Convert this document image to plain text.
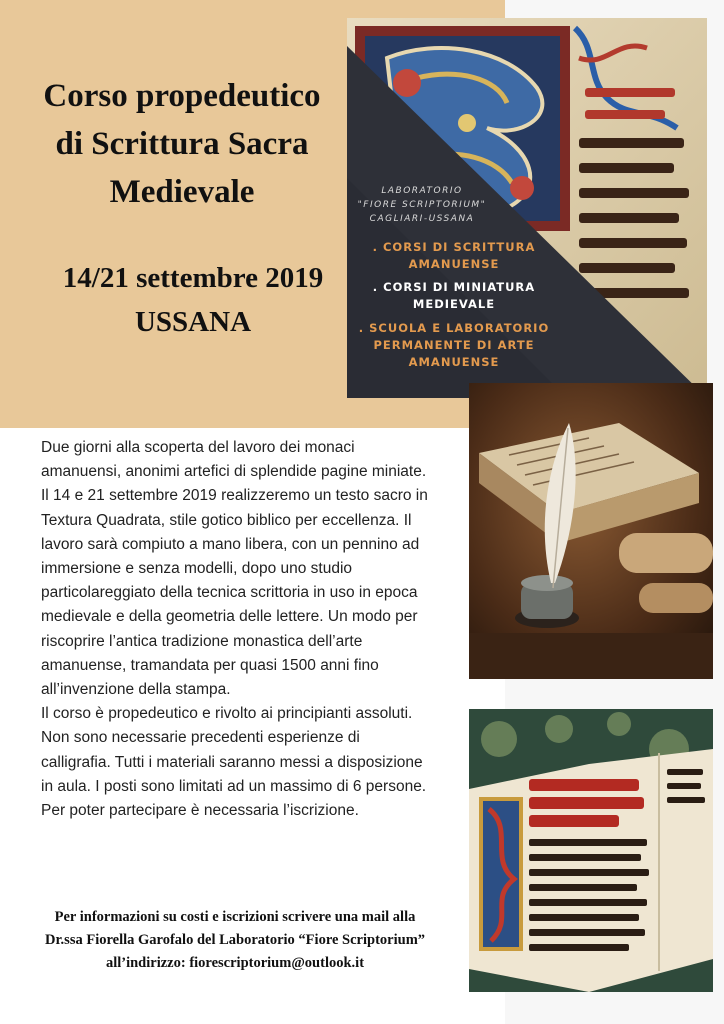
Corso propedeutico
di Scrittura Sacra
Medievale
14/21 settembre 2019
USSANA
LABORATORIO
"FIORE SCRIPTORIUM"
CAGLIARI-USSANA
. CORSI DI SCRITTURA
AMANUENSE
. CORSI DI MINIATURA
MEDIEVALE
. SCUOLA E LABORATORIO
PERMANENTE DI ARTE
AMANUENSE

Due giorni alla scoperta del lavoro dei monaci amanuensi, anonimi artefici di splendide pagine miniate. Il 14 e 21 settembre 2019 realizzeremo un testo sacro in Textura Quadrata, stile gotico biblico per eccellenza. Il lavoro sarà compiuto a mano libera, con un pennino ad immersione e senza modelli, dopo uno studio particolareggiato della tecnica scrittoria in uso in epoca medievale e della geometria delle lettere. Un modo per riscoprire l’antica tradizione monastica dell’arte amanuense, tramandata per quasi 1500 anni fino all’invenzione della stampa.

Il corso è propedeutico e rivolto ai principianti assoluti. Non sono necessarie precedenti esperienze di calligrafia. Tutti i materiali saranno messi a disposizione in aula. I posti sono limitati ad un massimo di 6 persone. Per poter partecipare è necessaria l’iscrizione.

Per informazioni su costi e iscrizioni scrivere una mail alla
Dr.ssa Fiorella Garofalo del Laboratorio “Fiore Scriptorium”
all’indirizzo: fiorescriptorium@outlook.it
